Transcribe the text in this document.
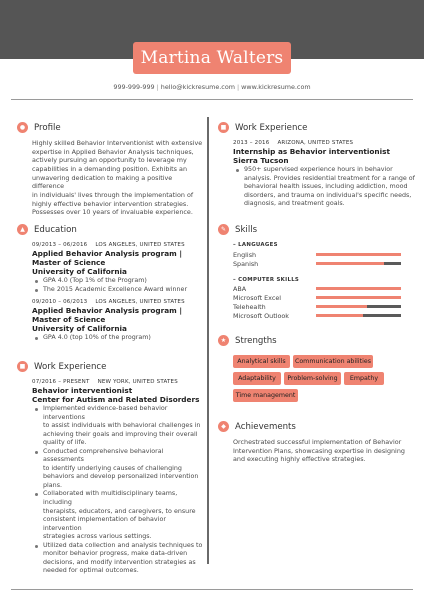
Martina Walters
999-999-999 | hello@kickresume.com | www.kickresume.com
●	Profile
Highly skilled Behavior Interventionist with extensive
expertise in Applied Behavior Analysis techniques,
actively pursuing an opportunity to leverage my
capabilities in a demanding position. Exhibits an
unwavering dedication to making a positive difference
in individuals' lives through the implementation of
highly effective behavior intervention strategies.
Possesses over 10 years of invaluable experience.
▲	Education
09/2013 – 06/2016 LOS ANGELES, UNITED STATES
Applied Behavior Analysis program |
Master of Science
University of California
GPA 4.0 (Top 1% of the Program)
The 2015 Academic Excellence Award winner
09/2010 – 06/2013 LOS ANGELES, UNITED STATES
Applied Behavior Analysis program |
Master of Science
University of California
GPA 4.0 (top 10% of the program)
■	Work Experience
07/2016 – PRESENT NEW YORK, UNITED STATES
Behavior interventionist
Center for Autism and Related Disorders
Implemented evidence-based behavior interventions
to assist individuals with behavioral challenges in
achieving their goals and improving their overall
quality of life.
Conducted comprehensive behavioral assessments
to identify underlying causes of challenging
behaviors and develop personalized intervention
plans.
Collaborated with multidisciplinary teams, including
therapists, educators, and caregivers, to ensure
consistent implementation of behavior intervention
strategies across various settings.
Utilized data collection and analysis techniques to
monitor behavior progress, make data-driven
decisions, and modify intervention strategies as
needed for optimal outcomes.
■	Work Experience
2013 – 2016 ARIZONA, UNITED STATES
Internship as Behavior interventionist
Sierra Tucson
950+ supervised experience hours in behavior
analysis. Provides residential treatment for a range of
behavioral health issues, including addiction, mood
disorders, and trauma on individual's specific needs,
diagnosis, and treatment goals.
✎	Skills
– LANGUAGES
English
Spanish
– COMPUTER SKILLS
ABA
Microsoft Excel
Telehealth
Microsoft Outlook
★	Strengths
Analytical skills	Communication abilities
Adaptability	Problem-solving	Empathy
Time management
◆	Achievements
Orchestrated successful implementation of Behavior
Intervention Plans, showcasing expertise in designing
and executing highly effective strategies.
